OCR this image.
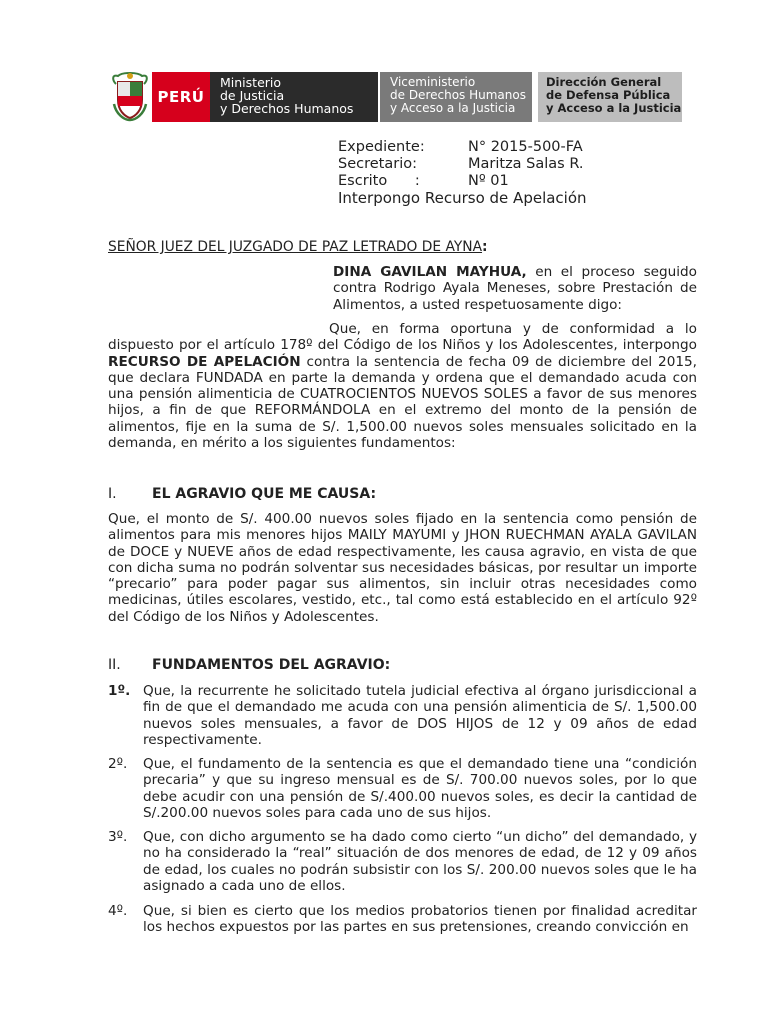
PERÚ
Ministerio
de Justicia
y Derechos Humanos
Viceministerio
de Derechos Humanos
y Acceso a la Justicia
Dirección General
de Defensa Pública
y Acceso a la Justicia
Expediente:	N° 2015-500-FA
Secretario:	Maritza Salas R.
Escrito      :	Nº 01
Interpongo Recurso de Apelación
SEÑOR JUEZ DEL JUZGADO DE PAZ LETRADO DE AYNA:
DINA GAVILAN MAYHUA, en el proceso seguido contra Rodrigo Ayala Meneses, sobre Prestación de Alimentos, a usted respetuosamente digo:
Que, en forma oportuna y de conformidad a lo dispuesto por el artículo 178º del Código de los Niños y los Adolescentes, interpongo RECURSO DE APELACIÓN contra la sentencia de fecha 09 de diciembre del 2015, que declara FUNDADA en parte la demanda y ordena que el demandado acuda con una pensión alimenticia de CUATROCIENTOS NUEVOS SOLES a favor de sus menores hijos, a fin de que REFORMÁNDOLA en el extremo del monto de la pensión de alimentos, fije en la suma de S/. 1,500.00 nuevos soles mensuales solicitado en la demanda, en mérito a los siguientes fundamentos:
I.	EL AGRAVIO QUE ME CAUSA:
Que, el monto de S/. 400.00 nuevos soles fijado en la sentencia como pensión de alimentos para mis menores hijos MAILY MAYUMI y JHON RUECHMAN AYALA GAVILAN de DOCE y NUEVE años de edad respectivamente, les causa agravio, en vista de que con dicha suma no podrán solventar sus necesidades básicas, por resultar un importe “precario” para poder pagar sus alimentos, sin incluir otras necesidades como medicinas, útiles escolares, vestido, etc., tal como está establecido en el artículo 92º del Código de los Niños y Adolescentes.
II. FUNDAMENTOS DEL AGRAVIO:
1º. Que, la recurrente he solicitado tutela judicial efectiva al órgano jurisdiccional a fin de que el demandado me acuda con una pensión alimenticia de S/. 1,500.00 nuevos soles mensuales, a favor de DOS HIJOS de 12 y 09 años de edad respectivamente.
2º. Que, el fundamento de la sentencia es que el demandado tiene una “condición precaria” y que su ingreso mensual es de S/. 700.00 nuevos soles, por lo que debe acudir con una pensión de S/.400.00 nuevos soles, es decir la cantidad de S/.200.00 nuevos soles para cada uno de sus hijos.
3º. Que, con dicho argumento se ha dado como cierto “un dicho” del demandado, y no ha considerado la “real” situación de dos menores de edad, de 12 y 09 años de edad, los cuales no podrán subsistir con los S/. 200.00 nuevos soles que le ha asignado a cada uno de ellos.
4º. Que, si bien es cierto que los medios probatorios tienen por finalidad acreditar los hechos expuestos por las partes en sus pretensiones, creando convicción en
